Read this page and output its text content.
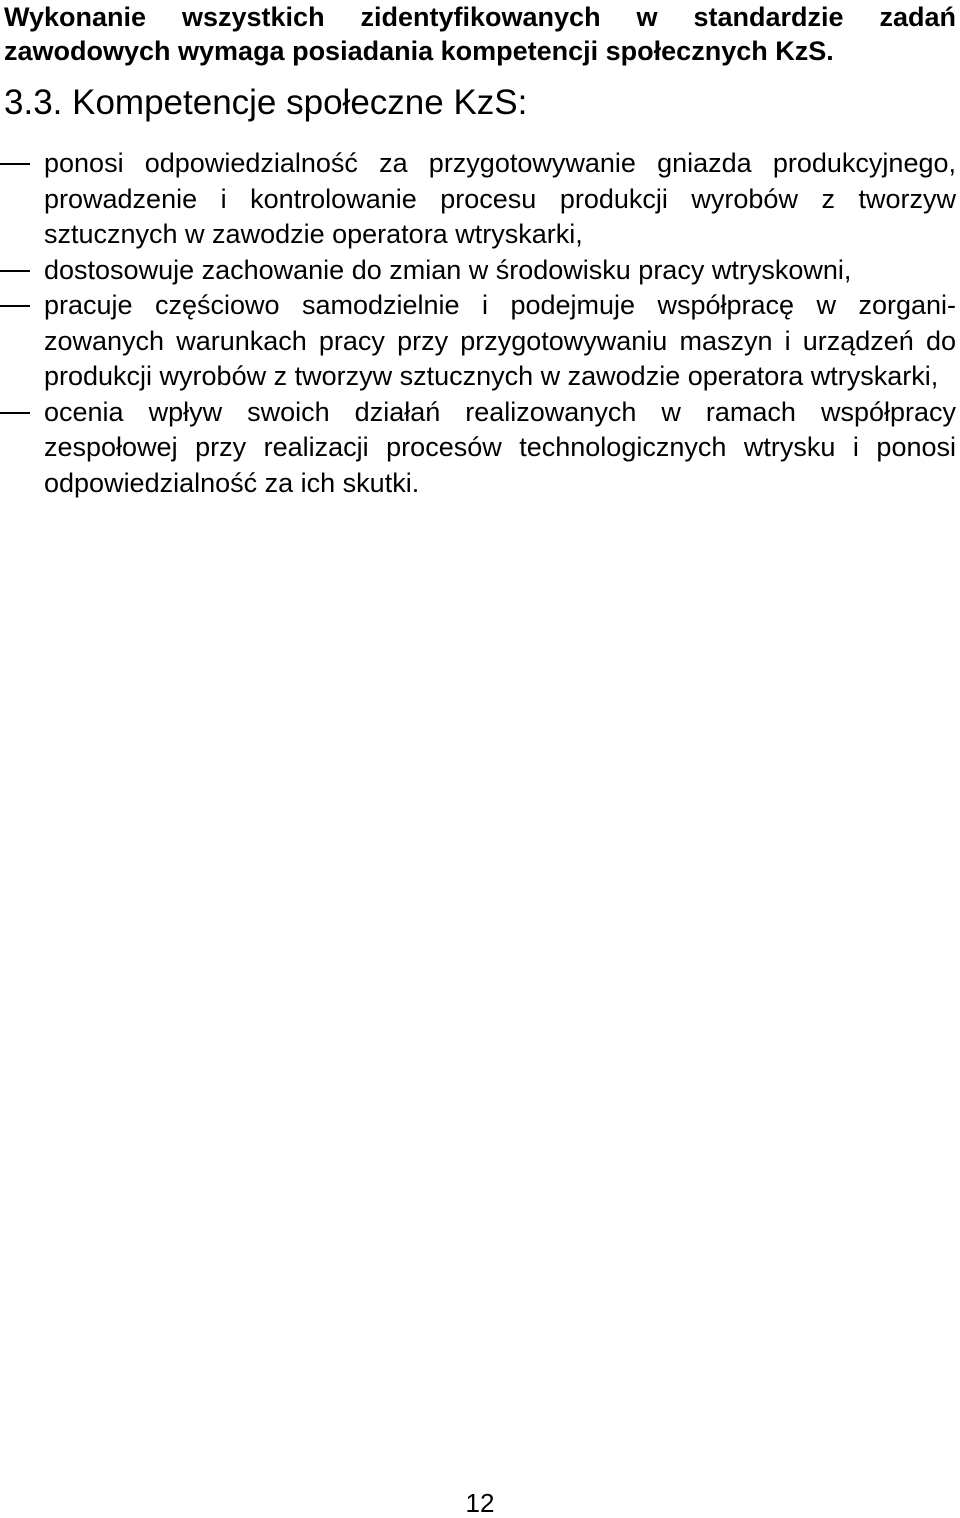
Wykonanie wszystkich zidentyfikowanych w standardzie zadań zawodowych wymaga posiadania kompetencji społecznych KzS.

3.3. Kompetencje społeczne KzS:
ponosi odpowiedzialność za przygotowywanie gniazda produkcyjnego, prowadzenie i kontrolowanie procesu produkcji wyrobów z tworzyw sztucznych w zawodzie operatora wtryskarki,
dostosowuje zachowanie do zmian w środowisku pracy wtryskowni,
pracuje częściowo samodzielnie i podejmuje współpracę w zorganizowanych warunkach pracy przy przygotowywaniu maszyn i urządzeń do produkcji wyrobów z tworzyw sztucznych w zawodzie operatora wtryskarki,
ocenia wpływ swoich działań realizowanych w ramach współpracy zespołowej przy realizacji procesów technologicznych wtrysku i ponosi odpowiedzialność za ich skutki.
12
